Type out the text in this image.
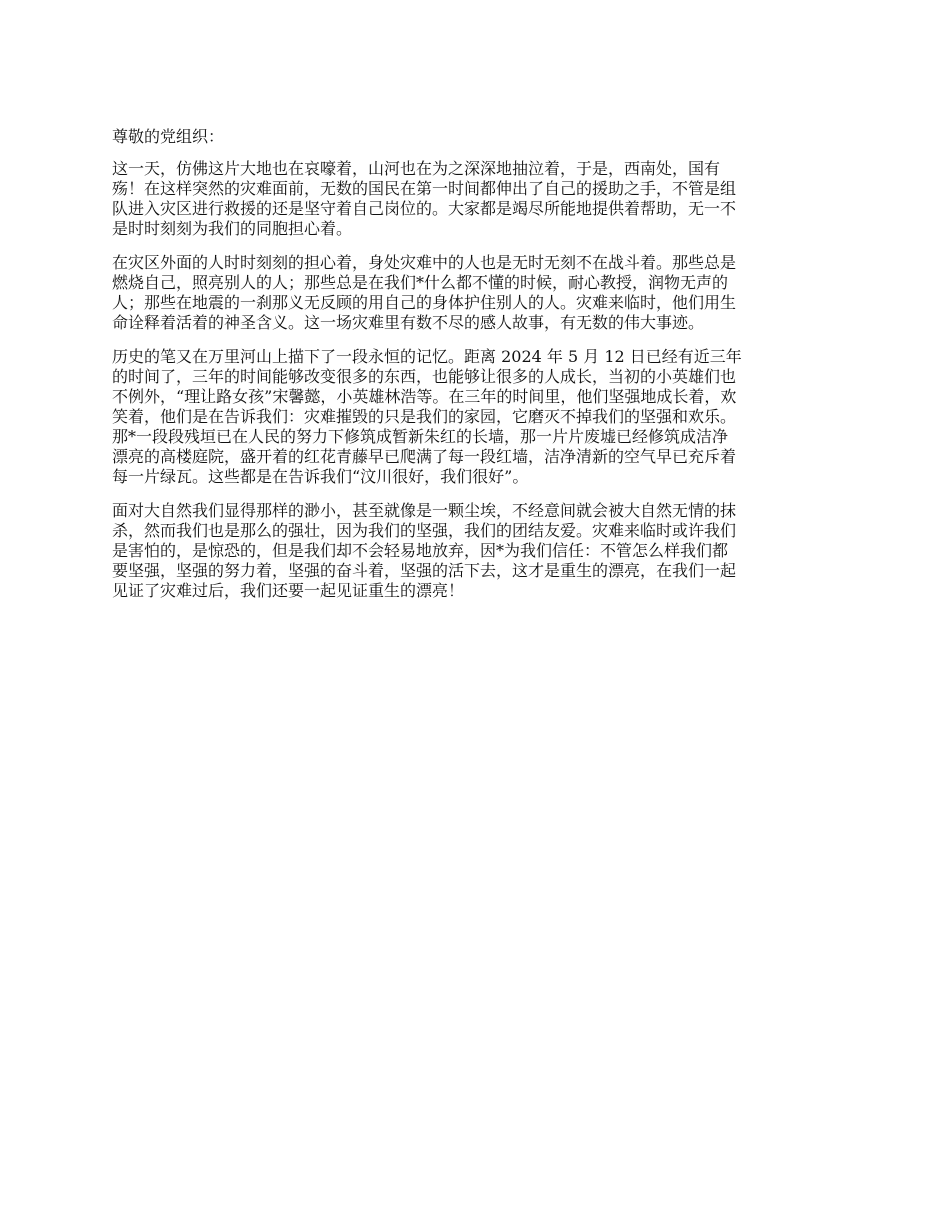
尊敬的党组织：
这一天，仿佛这片大地也在哀嚎着，山河也在为之深深地抽泣着，于是，西南处，国有
殇！在这样突然的灾难面前，无数的国民在第一时间都伸出了自己的援助之手，不管是组
队进入灾区进行救援的还是坚守着自己岗位的。大家都是竭尽所能地提供着帮助，无一不
是时时刻刻为我们的同胞担心着。
在灾区外面的人时时刻刻的担心着，身处灾难中的人也是无时无刻不在战斗着。那些总是
燃烧自己，照亮别人的人；那些总是在我们*什么都不懂的时候，耐心教授，润物无声的
人；那些在地震的一刹那义无反顾的用自己的身体护住别人的人。灾难来临时，他们用生
命诠释着活着的神圣含义。这一场灾难里有数不尽的感人故事，有无数的伟大事迹。
历史的笔又在万里河山上描下了一段永恒的记忆。距离 2024 年 5 月 12 日已经有近三年
的时间了，三年的时间能够改变很多的东西，也能够让很多的人成长，当初的小英雄们也
不例外，“理让路女孩”宋馨懿，小英雄林浩等。在三年的时间里，他们坚强地成长着，欢
笑着，他们是在告诉我们：灾难摧毁的只是我们的家园，它磨灭不掉我们的坚强和欢乐。
那*一段段残垣已在人民的努力下修筑成暂新朱红的长墙，那一片片废墟已经修筑成洁净
漂亮的高楼庭院，盛开着的红花青藤早已爬满了每一段红墙，洁净清新的空气早已充斥着
每一片绿瓦。这些都是在告诉我们“汶川很好，我们很好”。
面对大自然我们显得那样的渺小，甚至就像是一颗尘埃，不经意间就会被大自然无情的抹
杀，然而我们也是那么的强壮，因为我们的坚强，我们的团结友爱。灾难来临时或许我们
是害怕的，是惊恐的，但是我们却不会轻易地放弃，因*为我们信任：不管怎么样我们都
要坚强，坚强的努力着，坚强的奋斗着，坚强的活下去，这才是重生的漂亮，在我们一起
见证了灾难过后，我们还要一起见证重生的漂亮！
